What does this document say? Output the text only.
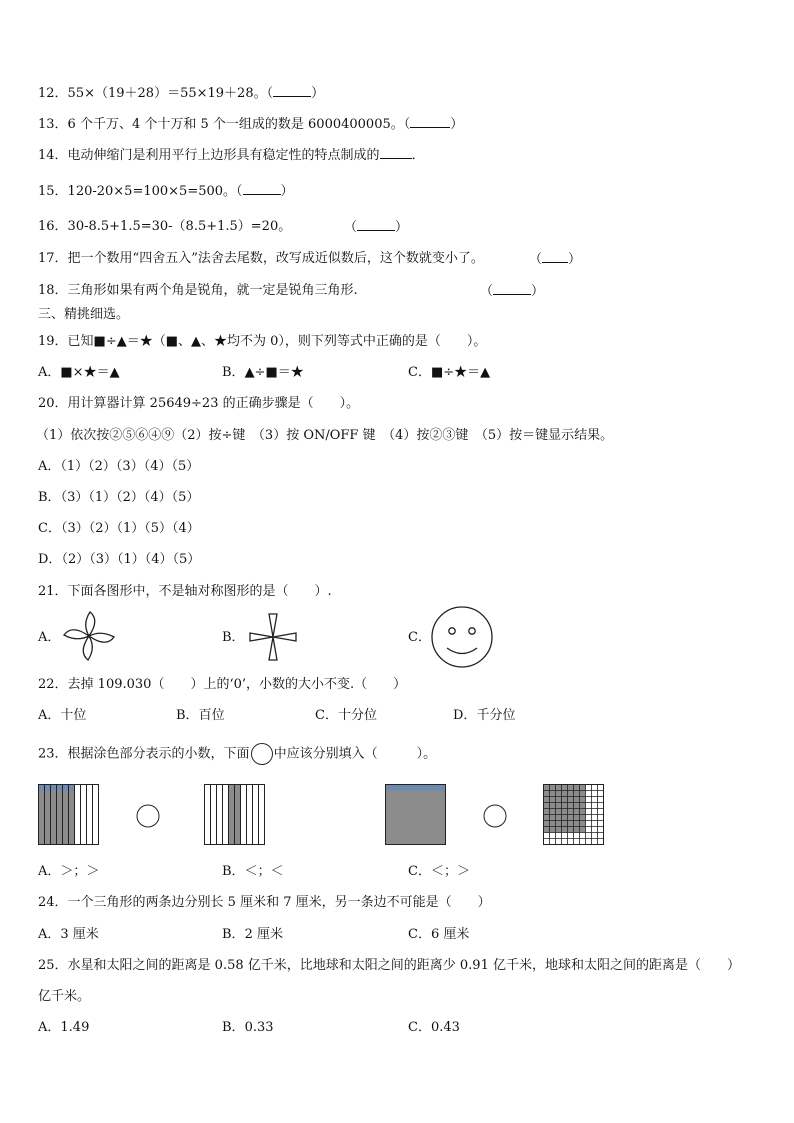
12．55×（19＋28）＝55×19＋28。（	）
13．6 个千万、4 个十万和 5 个一组成的数是 6000400005。（	）
14．电动伸缩门是利用平行上边形具有稳定性的特点制成的 ．
15．120-20×5=100×5=500。（	）
16．30-8.5+1.5=30-（8.5+1.5）=20。	（	）
17．把一个数用“四舍五入”法舍去尾数，改写成近似数后，这个数就变小了。	（ ）
18．三角形如果有两个角是锐角，就一定是锐角三角形.	（	）
三、精挑细选。
19．已知■÷▲＝★（■、▲、★均不为 0），则下列等式中正确的是（　　）。
A．■×★＝▲	B．▲÷■＝★	C．■÷★＝▲
20．用计算器计算 25649÷23 的正确步骤是（　　）。
（1）依次按②⑤⑥④⑨（2）按÷键　（3）按 ON/OFF 键　（4）按②③键　（5）按＝键显示结果。
A．（1）（2）（3）（4）（5）
B．（3）（1）（2）（4）（5）
C．（3）（2）（1）（5）（4）
D．（2）（3）（1）（4）（5）
21．下面各图形中，不是轴对称图形的是（　　）.
A．	B．	C．
22．去掉 109.030（　　）上的‘0’，小数的大小不变.（　　）
A．十位	B．百位	C．十分位	D．千分位
23．根据涂色部分表示的小数，下面 中应该分别填入（　　　）。
A．＞；＞	B．＜；＜	C．＜；＞
24．一个三角形的两条边分别长 5 厘米和 7 厘米，另一条边不可能是（　　）
A．3 厘米	B．2 厘米	C．6 厘米
25．水星和太阳之间的距离是 0.58 亿千米，比地球和太阳之间的距离少 0.91 亿千米，地球和太阳之间的距离是（　　）
亿千米。
A．1.49	B．0.33	C．0.43
